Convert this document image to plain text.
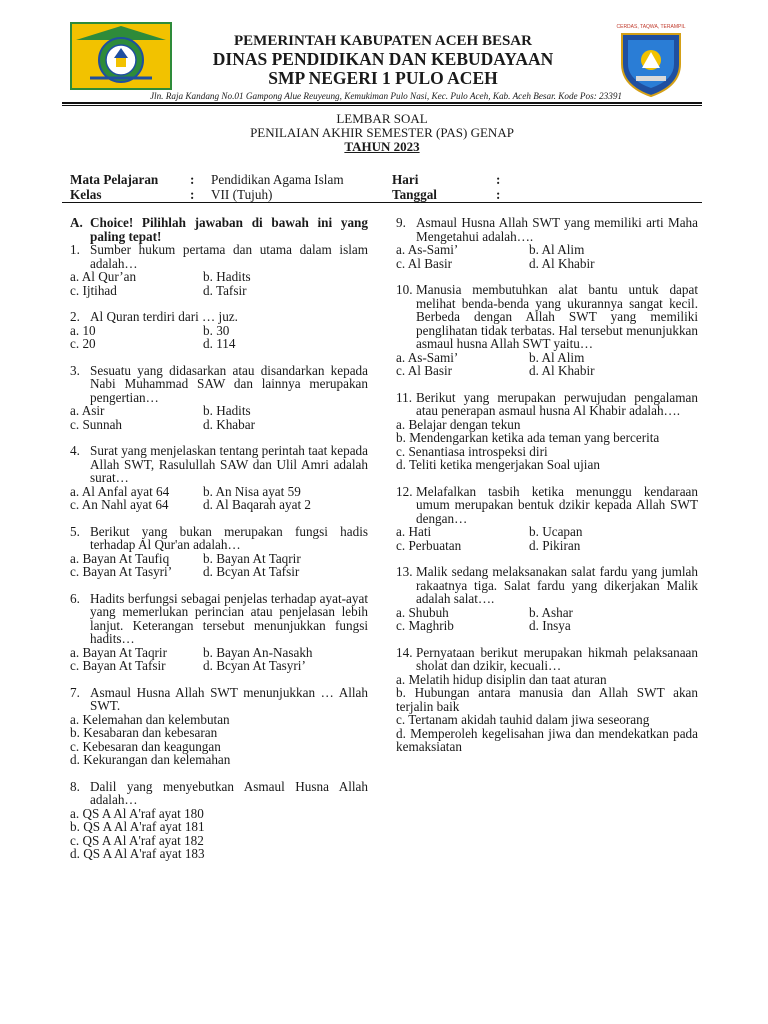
CERDAS, TAQWA, TERAMPIL
PEMERINTAH KABUPATEN ACEH BESAR
DINAS PENDIDIKAN DAN KEBUDAYAAN
SMP NEGERI 1 PULO ACEH
Jln. Raja Kandang No.01 Gampong Alue Reuyeung, Kemukiman Pulo Nasi, Kec. Pulo Aceh, Kab. Aceh Besar. Kode Pos: 23391
LEMBAR SOAL
PENILAIAN AKHIR SEMESTER (PAS) GENAP
TAHUN 2023
Mata Pelajaran : Pendidikan Agama Islam	Hari	:
Kelas	: VII (Tujuh)	Tanggal	:
A. Choice! Pilihlah jawaban di bawah ini yang paling tepat!
1. Sumber hukum pertama dan utama dalam islam adalah…
a. Al Qur’an	b. Hadits
c. Ijtihad	d. Tafsir
2. Al Quran terdiri dari … juz.
a. 10	b. 30
c. 20	d. 114
3. Sesuatu yang didasarkan atau disandarkan kepada Nabi Muhammad SAW dan lainnya merupakan pengertian…
a. Asir	b. Hadits
c. Sunnah	d. Khabar
4. Surat yang menjelaskan tentang perintah taat kepada Allah SWT, Rasulullah SAW dan Ulil Amri adalah surat…
a. Al Anfal ayat 64	b. An Nisa ayat 59
c. An Nahl ayat 64	d. Al Baqarah ayat 2
5. Berikut yang bukan merupakan fungsi hadis terhadap Al Qur'an adalah…
a. Bayan At Taufiq	b. Bayan At Taqrir
c. Bayan At Tasyri’	d. Bcyan At Tafsir
6. Hadits berfungsi sebagai penjelas terhadap ayat-ayat yang memerlukan perincian atau penjelasan lebih lanjut. Keterangan tersebut menunjukkan fungsi hadits…
a. Bayan At Taqrir	b. Bayan An-Nasakh
c. Bayan At Tafsir	d. Bcyan At Tasyri’
7. Asmaul Husna Allah SWT menunjukkan … Allah SWT.
a. Kelemahan dan kelembutan
b. Kesabaran dan kebesaran
c. Kebesaran dan keagungan
d. Kekurangan dan kelemahan
8. Dalil yang menyebutkan Asmaul Husna Allah adalah…
a. QS A Al A'raf ayat 180
b. QS A Al A'raf ayat 181
c. QS A Al A'raf ayat 182
d. QS A Al A'raf ayat 183
9. Asmaul Husna Allah SWT yang memiliki arti Maha Mengetahui adalah….
a. As-Sami’	b. Al Alim
c. Al Basir	d. Al Khabir
10. Manusia membutuhkan alat bantu untuk dapat melihat benda-benda yang ukurannya sangat kecil. Berbeda dengan Allah SWT yang memiliki penglihatan tidak terbatas. Hal tersebut menunjukkan asmaul husna Allah SWT yaitu…
a. As-Sami’	b. Al Alim
c. Al Basir	d. Al Khabir
11. Berikut yang merupakan perwujudan pengalaman atau penerapan asmaul husna Al Khabir adalah….
a. Belajar dengan tekun
b. Mendengarkan ketika ada teman yang bercerita
c. Senantiasa introspeksi diri
d. Teliti ketika mengerjakan Soal ujian
12. Melafalkan tasbih ketika menunggu kendaraan umum merupakan bentuk dzikir kepada Allah SWT dengan…
a. Hati	b. Ucapan
c. Perbuatan	d. Pikiran
13. Malik sedang melaksanakan salat fardu yang jumlah rakaatnya tiga. Salat fardu yang dikerjakan Malik adalah salat….
a. Shubuh	b. Ashar
c. Maghrib	d. Insya
14. Pernyataan berikut merupakan hikmah pelaksanaan sholat dan dzikir, kecuali…
a. Melatih hidup disiplin dan taat aturan
b. Hubungan antara manusia dan Allah SWT akan terjalin baik
c. Tertanam akidah tauhid dalam jiwa seseorang
d. Memperoleh kegelisahan jiwa dan mendekatkan pada kemaksiatan
